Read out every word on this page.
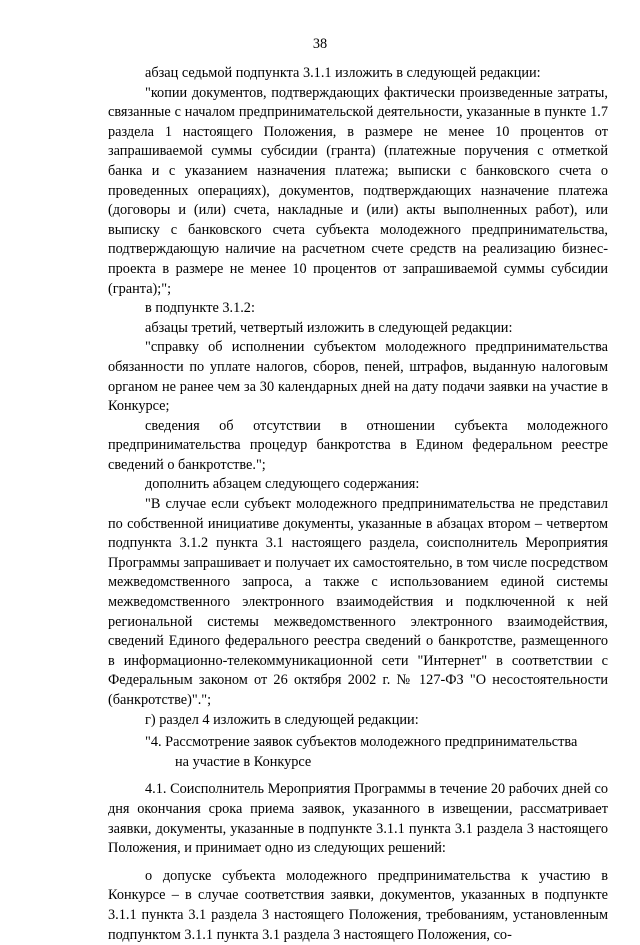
38

абзац седьмой подпункта 3.1.1 изложить в следующей редакции:

"копии документов, подтверждающих фактически произведенные затраты, связанные с началом предпринимательской деятельности, указанные в пункте 1.7 раздела 1 настоящего Положения, в размере не менее 10 процентов от запрашиваемой суммы субсидии (гранта) (платежные поручения с отметкой банка и с указанием назначения платежа; выписки с банковского счета о проведенных операциях), документов, подтверждающих назначение платежа (договоры и (или) счета, накладные и (или) акты выполненных работ), или выписку с банковского счета субъекта молодежного предпринимательства, подтверждающую наличие на расчетном счете средств на реализацию бизнес-проекта в размере не менее 10 процентов от запрашиваемой суммы субсидии (гранта);";

в подпункте 3.1.2:

абзацы третий, четвертый изложить в следующей редакции:

"справку об исполнении субъектом молодежного предпринимательства обязанности по уплате налогов, сборов, пеней, штрафов, выданную налоговым органом не ранее чем за 30 календарных дней на дату подачи заявки на участие в Конкурсе;

сведения об отсутствии в отношении субъекта молодежного предпринимательства процедур банкротства в Едином федеральном реестре сведений о банкротстве.";

дополнить абзацем следующего содержания:

"В случае если субъект молодежного предпринимательства не представил по собственной инициативе документы, указанные в абзацах втором – четвертом подпункта 3.1.2 пункта 3.1 настоящего раздела, соисполнитель Мероприятия Программы запрашивает и получает их самостоятельно, в том числе посредством межведомственного запроса, а также с использованием единой системы межведомственного электронного взаимодействия и подключенной к ней региональной системы межведомственного электронного взаимодействия, сведений Единого федерального реестра сведений о банкротстве, размещенного в информационно-телекоммуникационной сети "Интернет" в соответствии с Федеральным законом от 26 октября 2002 г. № 127-ФЗ "О несостоятельности (банкротстве)".";

г) раздел 4 изложить в следующей редакции:

"4. Рассмотрение заявок субъектов молодежного предпринимательства
на участие в Конкурсе

4.1. Соисполнитель Мероприятия Программы в течение 20 рабочих дней со дня окончания срока приема заявок, указанного в извещении, рассматривает заявки, документы, указанные в подпункте 3.1.1 пункта 3.1 раздела 3 настоящего Положения, и принимает одно из следующих решений:

о допуске субъекта молодежного предпринимательства к участию в Конкурсе – в случае соответствия заявки, документов, указанных в подпункте 3.1.1 пункта 3.1 раздела 3 настоящего Положения, требованиям, установленным подпунктом 3.1.1 пункта 3.1 раздела 3 настоящего Положения, со-
